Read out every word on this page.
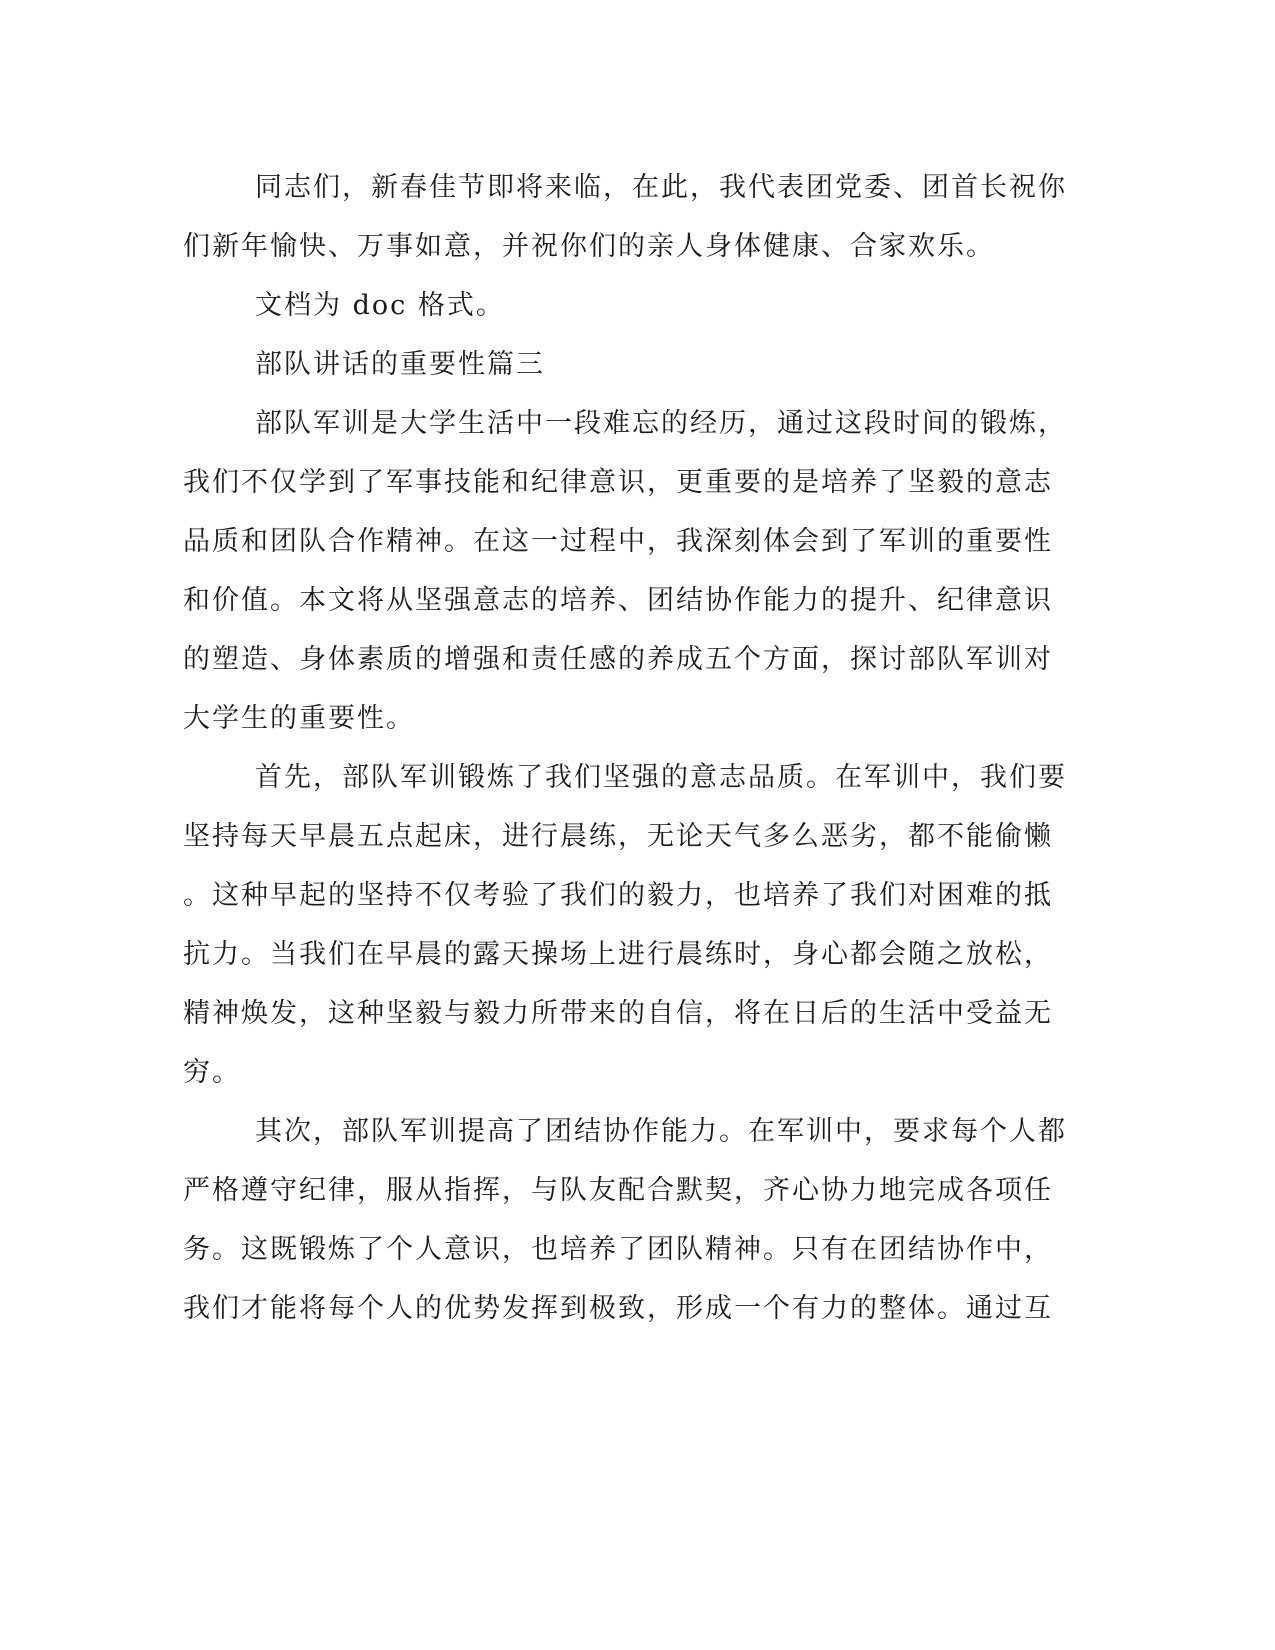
同志们，新春佳节即将来临，在此，我代表团党委、团首长祝你
们新年愉快、万事如意，并祝你们的亲人身体健康、合家欢乐。
文档为 doc 格式。
部队讲话的重要性篇三
部队军训是大学生活中一段难忘的经历，通过这段时间的锻炼，
我们不仅学到了军事技能和纪律意识，更重要的是培养了坚毅的意志
品质和团队合作精神。在这一过程中，我深刻体会到了军训的重要性
和价值。本文将从坚强意志的培养、团结协作能力的提升、纪律意识
的塑造、身体素质的增强和责任感的养成五个方面，探讨部队军训对
大学生的重要性。
首先，部队军训锻炼了我们坚强的意志品质。在军训中，我们要
坚持每天早晨五点起床，进行晨练，无论天气多么恶劣，都不能偷懒
。这种早起的坚持不仅考验了我们的毅力，也培养了我们对困难的抵
抗力。当我们在早晨的露天操场上进行晨练时，身心都会随之放松，
精神焕发，这种坚毅与毅力所带来的自信，将在日后的生活中受益无
穷。
其次，部队军训提高了团结协作能力。在军训中，要求每个人都
严格遵守纪律，服从指挥，与队友配合默契，齐心协力地完成各项任
务。这既锻炼了个人意识，也培养了团队精神。只有在团结协作中，
我们才能将每个人的优势发挥到极致，形成一个有力的整体。通过互
